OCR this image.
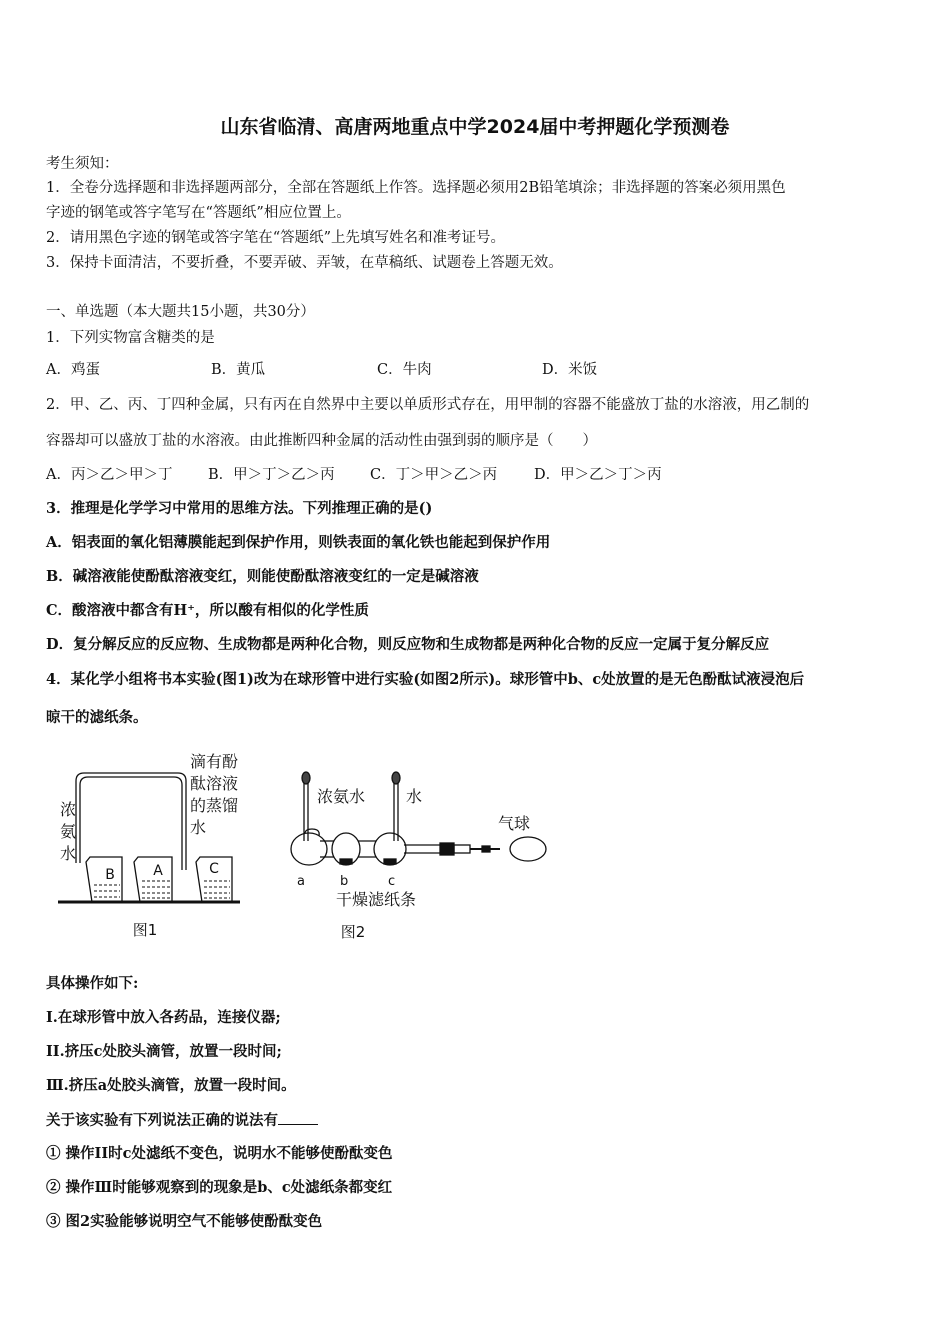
山东省临清、高唐两地重点中学2024届中考押题化学预测卷
考生须知：
1．全卷分选择题和非选择题两部分，全部在答题纸上作答。选择题必须用2B铅笔填涂；非选择题的答案必须用黑色
字迹的钢笔或答字笔写在“答题纸”相应位置上。
2．请用黑色字迹的钢笔或答字笔在“答题纸”上先填写姓名和准考证号。
3．保持卡面清洁，不要折叠，不要弄破、弄皱，在草稿纸、试题卷上答题无效。
一、单选题（本大题共15小题，共30分）
1．下列实物富含糖类的是
A．鸡蛋	B．黄瓜	C．牛肉	D．米饭
2．甲、乙、丙、丁四种金属，只有丙在自然界中主要以单质形式存在，用甲制的容器不能盛放丁盐的水溶液，用乙制的
容器却可以盛放丁盐的水溶液。由此推断四种金属的活动性由强到弱的顺序是（　　）
A．丙＞乙＞甲＞丁 B．甲＞丁＞乙＞丙 C．丁＞甲＞乙＞丙	D．甲＞乙＞丁＞丙
3．推理是化学学习中常用的思维方法。下列推理正确的是()
A．铝表面的氧化铝薄膜能起到保护作用，则铁表面的氧化铁也能起到保护作用
B．碱溶液能使酚酞溶液变红，则能使酚酞溶液变红的一定是碱溶液
C．酸溶液中都含有H⁺，所以酸有相似的化学性质
D．复分解反应的反应物、生成物都是两种化合物，则反应物和生成物都是两种化合物的反应一定属于复分解反应
4．某化学小组将书本实验(图1)改为在球形管中进行实验(如图2所示)。球形管中b、c处放置的是无色酚酞试液浸泡后
晾干的滤纸条。
浓
氨
水
滴有酚
酞溶液
的蒸馏
水
B	A	C
图1
浓氨水	水
气球
a	b	c
干燥滤纸条
图2
具体操作如下:
I.在球形管中放入各药品，连接仪器;
II.挤压c处胶头滴管，放置一段时间;
Ⅲ.挤压a处胶头滴管，放置一段时间。
关于该实验有下列说法正确的说法有
① 操作II时c处滤纸不变色，说明水不能够使酚酞变色
② 操作Ⅲ时能够观察到的现象是b、c处滤纸条都变红
③ 图2实验能够说明空气不能够使酚酞变色
